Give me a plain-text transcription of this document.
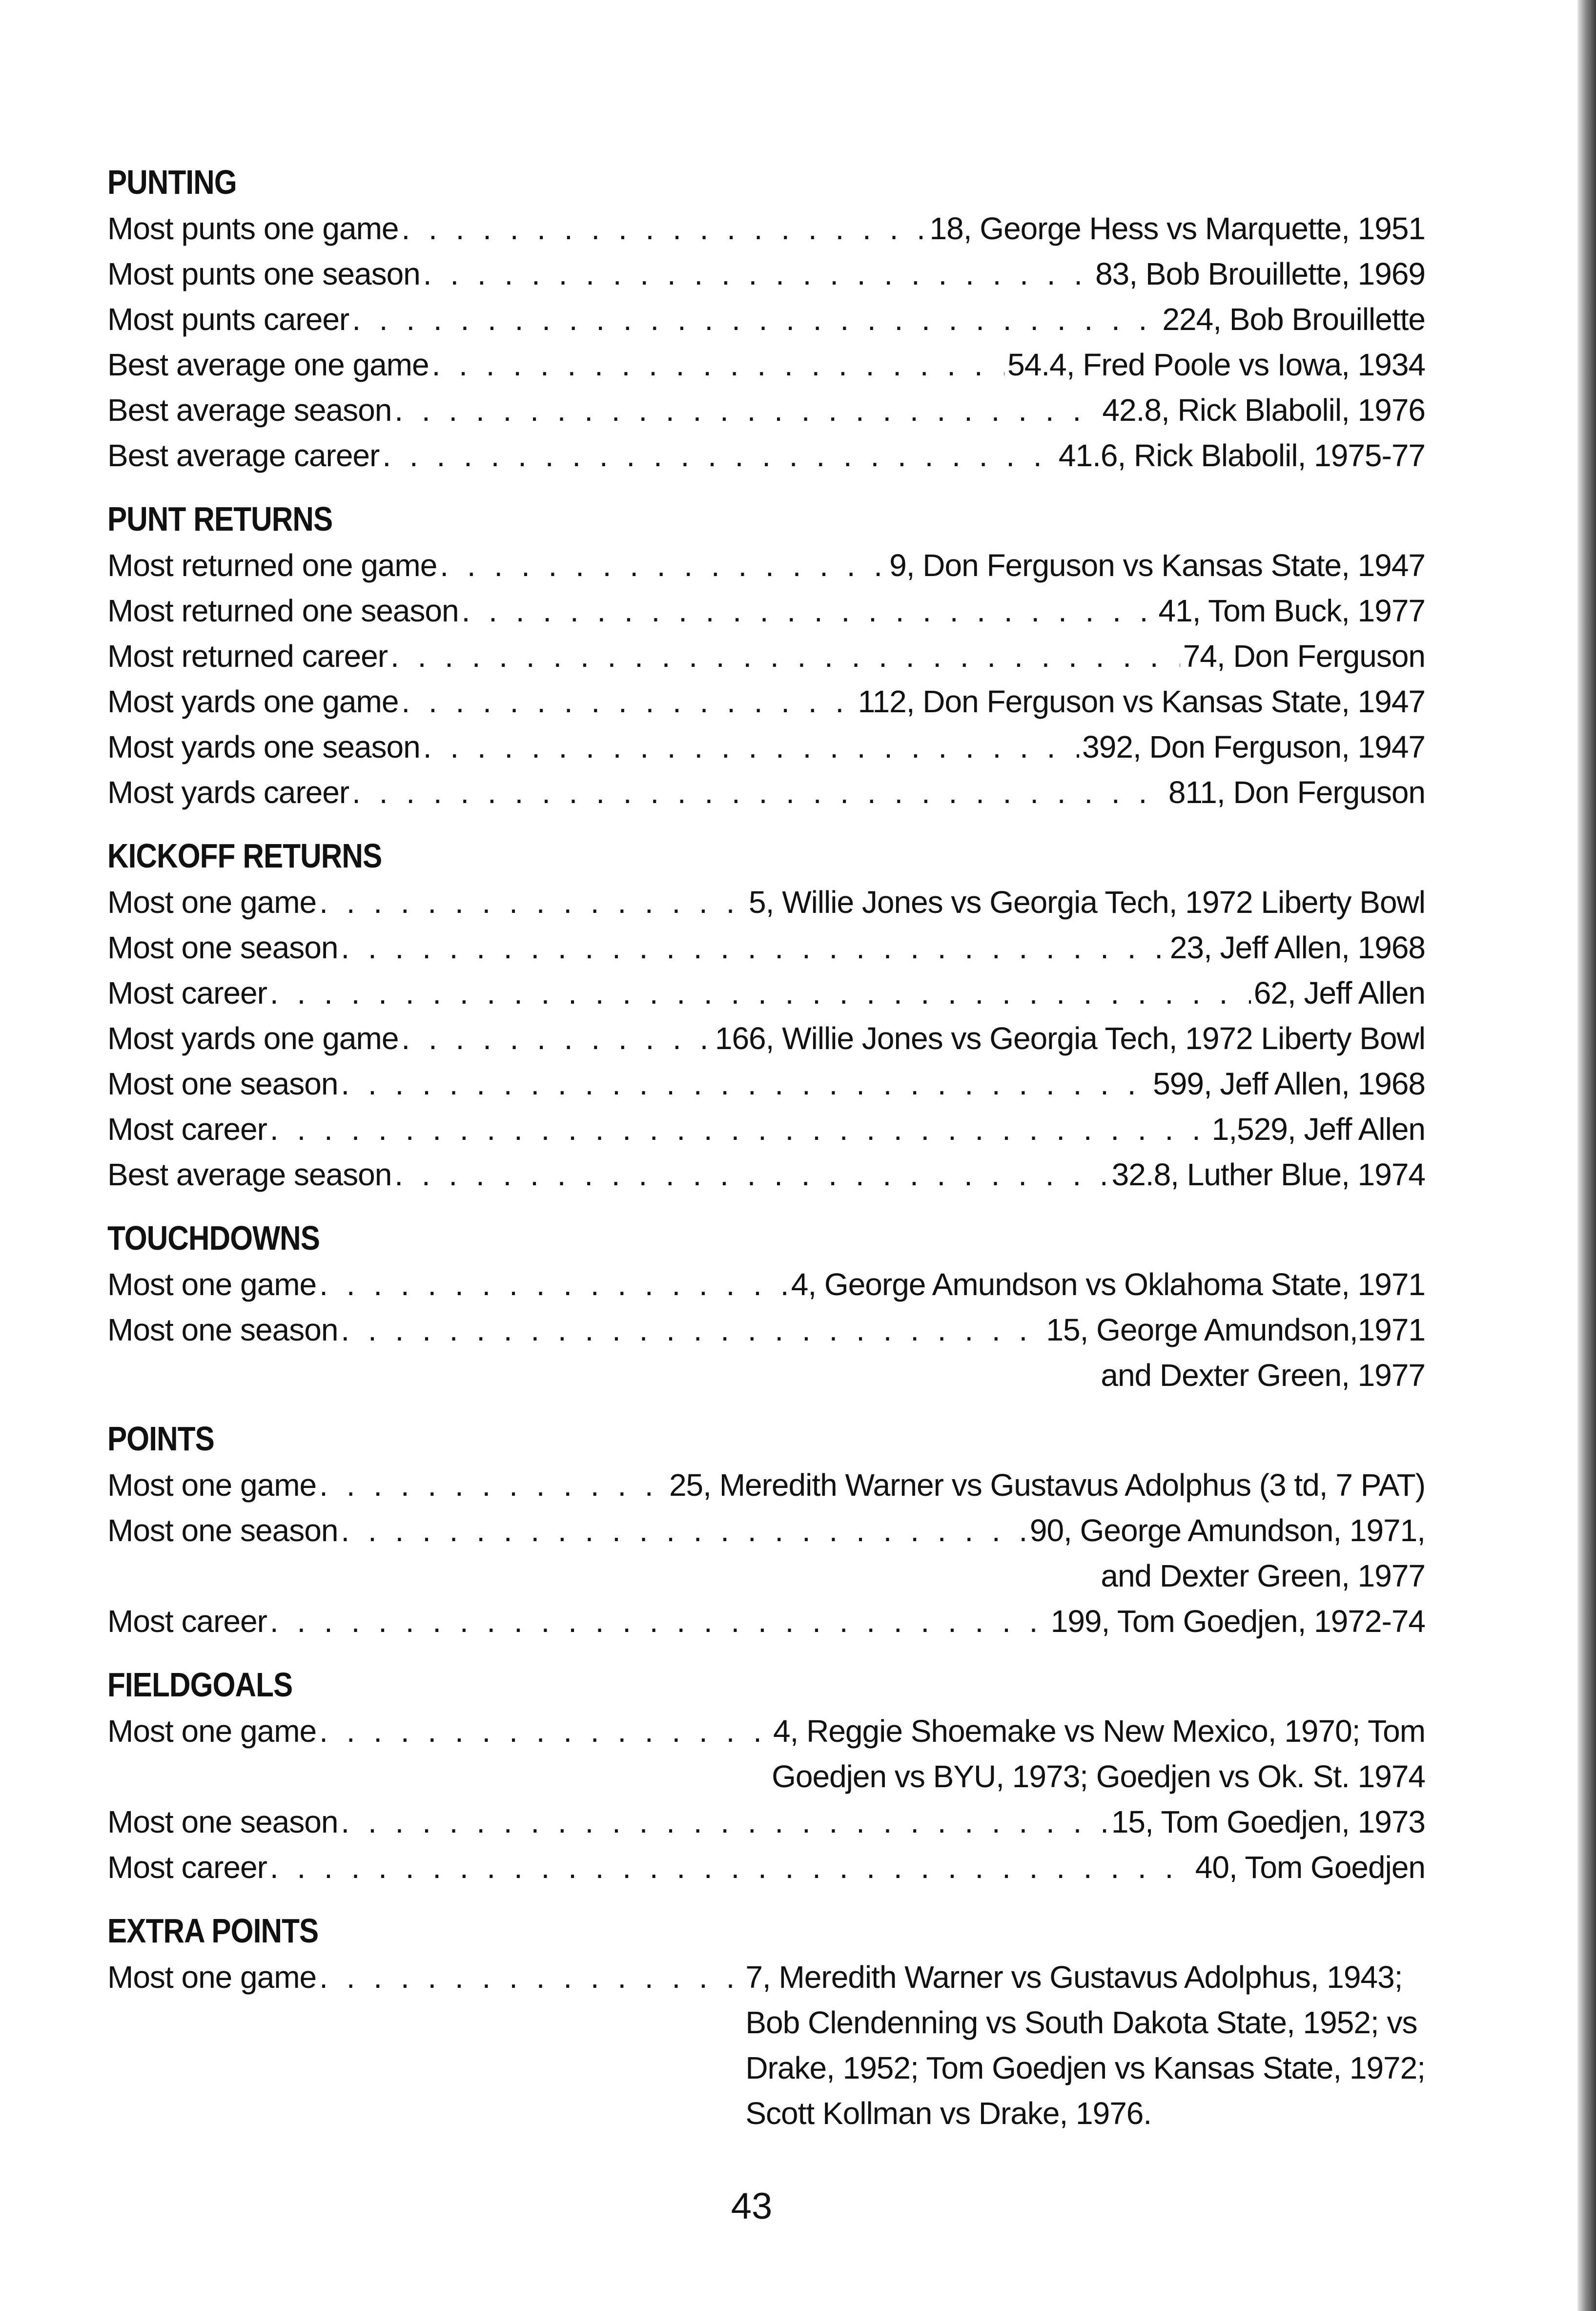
PUNTING
Most punts one game . . .	18, George Hess vs Marquette, 1951
Most punts one season . . .	83, Bob Brouillette, 1969
Most punts career . . .	224, Bob Brouillette
Best average one game . . .	54.4, Fred Poole vs Iowa, 1934
Best average season . . .	42.8, Rick Blabolil, 1976
Best average career . . .	41.6, Rick Blabolil, 1975-77
PUNT RETURNS
Most returned one game . . .	9, Don Ferguson vs Kansas State, 1947
Most returned one season . . .	41, Tom Buck, 1977
Most returned career . . .	74, Don Ferguson
Most yards one game . . .	112, Don Ferguson vs Kansas State, 1947
Most yards one season . . .	392, Don Ferguson, 1947
Most yards career . . .	811, Don Ferguson
KICKOFF RETURNS
Most one game . . .	5, Willie Jones vs Georgia Tech, 1972 Liberty Bowl
Most one season . . .	23, Jeff Allen, 1968
Most career . . .	62, Jeff Allen
Most yards one game . . .	166, Willie Jones vs Georgia Tech, 1972 Liberty Bowl
Most one season . . .	599, Jeff Allen, 1968
Most career . . .	1,529, Jeff Allen
Best average season . . .	32.8, Luther Blue, 1974
TOUCHDOWNS
Most one game . . .	4, George Amundson vs Oklahoma State, 1971
Most one season . . .	15, George Amundson,1971
and Dexter Green, 1977
POINTS
Most one game . . .	25, Meredith Warner vs Gustavus Adolphus (3 td, 7 PAT)
Most one season . . .	90, George Amundson, 1971,
and Dexter Green, 1977
Most career . . .	199, Tom Goedjen, 1972-74
FIELDGOALS
Most one game . . .	4, Reggie Shoemake vs New Mexico, 1970; Tom
Goedjen vs BYU, 1973; Goedjen vs Ok. St. 1974
Most one season . . .	15, Tom Goedjen, 1973
Most career . . .	40, Tom Goedjen
EXTRA POINTS
Most one game . . .	7, Meredith Warner vs Gustavus Adolphus, 1943;
Bob Clendenning vs South Dakota State, 1952; vs
Drake, 1952; Tom Goedjen vs Kansas State, 1972;
Scott Kollman vs Drake, 1976.
43
